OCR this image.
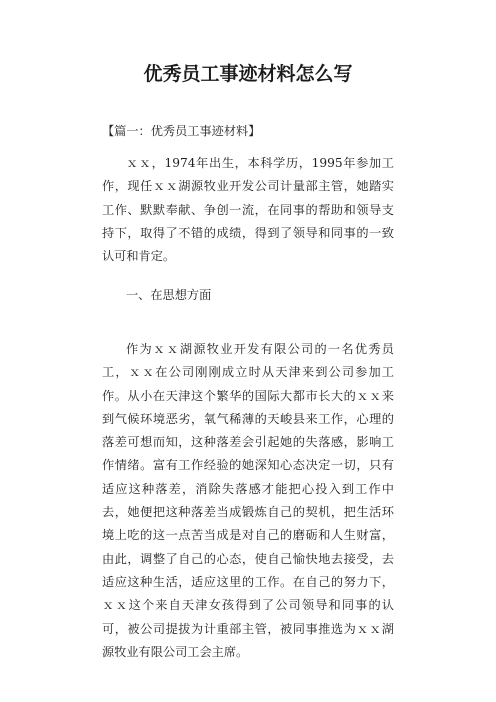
优秀员工事迹材料怎么写

【篇一：优秀员工事迹材料】

ｘｘ，1974年出生，本科学历，1995年参加工作，现任ｘｘ湖源牧业开发公司计量部主管，她踏实工作、默默奉献、争创一流，在同事的帮助和领导支持下，取得了不错的成绩，得到了领导和同事的一致认可和肯定。

一、在思想方面

作为ｘｘ湖源牧业开发有限公司的一名优秀员工，ｘｘ在公司刚刚成立时从天津来到公司参加工作。从小在天津这个繁华的国际大都市长大的ｘｘ来到气候环境恶劣，氧气稀薄的天峻县来工作，心理的落差可想而知，这种落差会引起她的失落感，影响工作情绪。富有工作经验的她深知心态决定一切，只有适应这种落差，消除失落感才能把心投入到工作中去，她便把这种落差当成锻炼自己的契机，把生活环境上吃的这一点苦当成是对自己的磨砺和人生财富，由此，调整了自己的心态，使自己愉快地去接受，去适应这种生活，适应这里的工作。在自己的努力下，ｘｘ这个来自天津女孩得到了公司领导和同事的认可，被公司提拔为计重部主管，被同事推选为ｘｘ湖源牧业有限公司工会主席。
